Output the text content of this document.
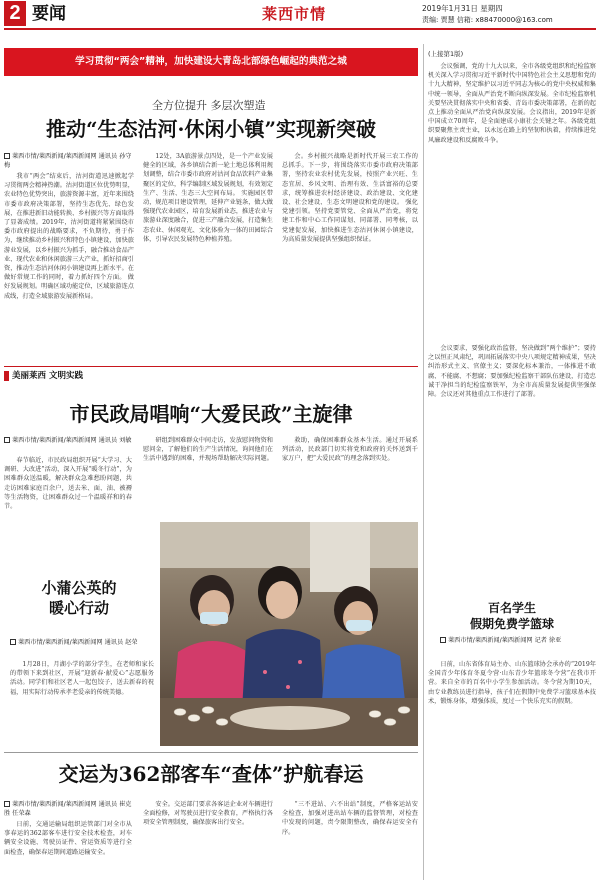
2 要闻	莱西市情	2019年1月31日 星期四
责编: 贾慧 信箱: x88470000@163.com
学习贯彻“两会”精神，加快建设大青岛北部绿色崛起的典范之城
全方位提升 多层次塑造
推动“生态沽河·休闲小镇”实现新突破
莱西市情/莱西新闻/莱西新闻网 通讯员 孙守梅

我市“两会”结束后，沽河街道迅速掀起学习贯彻两会精神热潮。沽河街道区位优势明显，农业特色优势突出，旅游资源丰富，近年来围绕市委市政府决策部署，坚持生态优先、绿色发展，在推进新旧动能转换、乡村振兴等方面取得了显著成绩。2019年，沽河街道将紧紧围绕市委市政府提出的战略要求，不负期待，勇于作为，继续推动乡村振兴和特色小镇建设，加快旅游业发展，以乡村振兴为抓手，融合推动食品产业、现代农业和休闲旅游三大产业，抓好招商引资，推动生态沽河休闲小镇建设再上新水平。在做好常规工作的同时，着力抓好四个方面。 做好发展规划。明确区域功能定位，区域旅游连点成线，打造全域旅游发展新格局。

12处，3A旅游景点四处，是一个产业发展健全的区域，各乡镇结合新一轮土地总体利用规划调整，结合市委市政府对沽河食品饮料产业集聚区的定位，科学编制区域发展规划，有效划定生产、生活、生态三大空间布局。 实施园区带动，规范项目建设管理，延伸产业链条，做大做强现代农业园区，培育发展新业态，推进农业与旅游业深度融合，促进三产融合发展，打造集生态农业、休闲观光、文化体验为一体的田园综合体，引导农民发展特色种植养殖。

会。乡村振兴战略是新时代开展三农工作的总抓手。下一步，将围绕落实市委市政府决策部署，坚持农业农村优先发展，按照产业兴旺、生态宜居、乡风文明、治理有效、生活富裕的总要求，统筹推进农村经济建设、政治建设、文化建设、社会建设、生态文明建设和党的建设。 强化党建引领。坚持党要管党、全面从严治党，将党建工作和中心工作同谋划、同部署、同考核，以党建促发展，加快推进生态沽河休闲小镇建设，为高质量发展提供坚强组织保证。

美丽莱西 文明实践
市民政局唱响“大爱民政”主旋律
莱西市情/莱西新闻/莱西新闻网 通讯员 刘敏

春节临近，市民政局组织开展“大学习、大调研、大改进”活动，深入开展“暖冬行动”，为困难群众送温暖，解决群众急难愁盼问题，共走访困难家庭百余户，送去米、面、油、被褥等生活物资，让困难群众过一个温暖祥和的春节。

研组到困难群众中间走访，发放慰问物资和慰问金，了解他们的生产生活情况，询问他们在生活中遇到的困难，并现场帮助解决实际问题。

救助，确保困难群众基本生活。通过开展系列活动，民政部门切实将党和政府的关怀送到千家万户，把“大爱民政”的理念落到实处。

小蒲公英的
暖心行动
莱西市情/莱西新闻/莱西新闻网 通讯员 赵荣

1月28日，月湖小学的部分学生，在老师和家长的带领下来到社区，开展“迎新春·献爱心”志愿服务活动。同学们和社区老人一起包饺子，送去新春的祝福，用实际行动传承孝老爱亲的传统美德。

交运为362部客车“查体”护航春运
莱西市情/莱西新闻/莱西新闻网 通讯员 崔克胜 任荣森

日前，交通运输局组织运管部门对全市从事春运的362部客车进行安全技术检查，对车辆安全设施、驾驶员证件、营运资质等进行全面检查，确保春运期间道路运输安全。

安全。交运部门要求各客运企业对车辆进行全面检修，对驾驶员进行安全教育，严格执行各项安全管理制度，确保旅客出行安全。

“三不进站、六不出站”制度，严格客运站安全检查，加强对进出站车辆的监督管理，对检查中发现的问题，责令限期整改，确保春运安全有序。

(上接第1版)

会议强调，党的十九大以来，全市各级党组织和纪检监察机关深入学习贯彻习近平新时代中国特色社会主义思想和党的十九大精神，坚定维护以习近平同志为核心的党中央权威和集中统一领导，全面从严治党不断向纵深发展。全市纪检监察机关要坚决贯彻落实中央和省委、青岛市委决策部署，在新的起点上推动全面从严治党向纵深发展。会议指出，2019年是新中国成立70周年，是全面建成小康社会关键之年。各级党组织要聚焦主责主业，以永远在路上的坚韧和执着，持续推进党风廉政建设和反腐败斗争。

会议要求，要强化政治监督，坚决做到“两个维护”；要持之以恒正风肃纪，巩固拓展落实中央八项规定精神成果，坚决纠治形式主义、官僚主义；要深化标本兼治，一体推进不敢腐、不能腐、不想腐；要加强纪检监察干部队伍建设，打造忠诚干净担当的纪检监察铁军，为全市高质量发展提供坚强保障。会议还对其他重点工作进行了部署。

百名学生
假期免费学篮球
莱西市情/莱西新闻/莱西新闻网 记者 徐亚

日前，山东省体育局主办、山东篮球协会承办的“2019年全国青少年体育冬夏令营·山东青少年篮球冬令营”在我市开营。来自全市的百名中小学生参加活动。冬令营为期10天，由专业教练员进行指导，孩子们在假期中免费学习篮球基本技术，锻炼身体，增强体质，度过一个快乐充实的假期。
